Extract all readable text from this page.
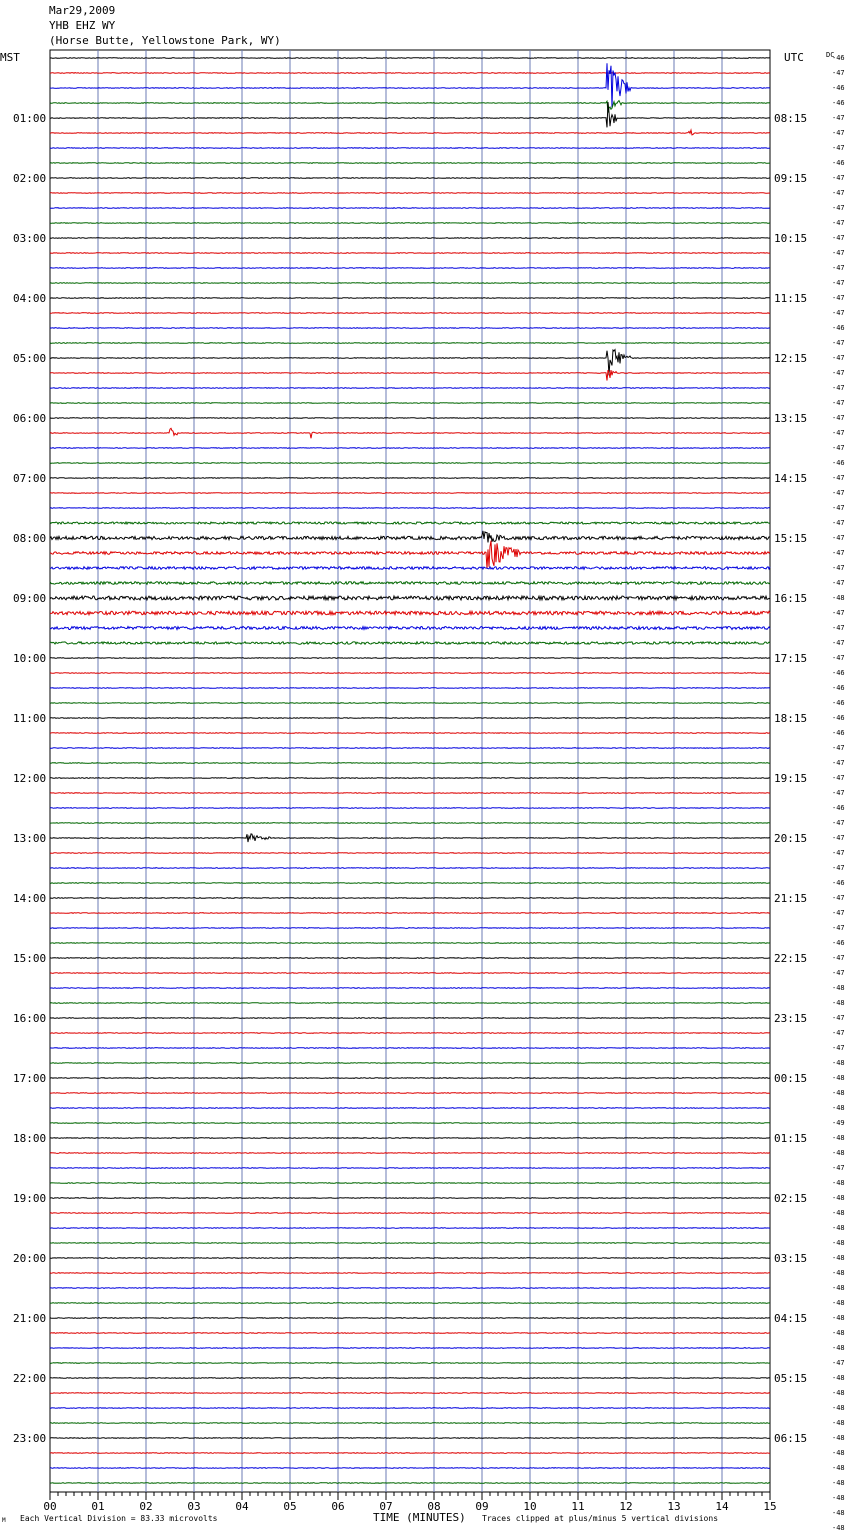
Mar29,2009
YHB EHZ WY
(Horse Butte, Yellowstone Park, WY)
MST	UTC	DC
01:00
02:00
03:00
04:00
05:00
06:00
07:00
08:00
09:00
10:00
11:00
12:00
13:00
14:00
15:00
16:00
17:00
18:00
19:00
20:00
21:00
22:00
23:00
08:15
09:15
10:15
11:15
12:15
13:15
14:15
15:15
16:15
17:15
18:15
19:15
20:15
21:15
22:15
23:15
00:15
01:15
02:15
03:15
04:15
05:15
06:15
-46
-47
-46
-46
-47
-47
-47
-46
-47
-47
-47
-47
-47
-47
-47
-47
-47
-47
-46
-47
-47
-47
-47
-47
-47
-47
-47
-46
-47
-47
-47
-47
-47
-47
-47
-47
-48
-47
-47
-47
-47
-46
-46
-46
-46
-46
-47
-47
-47
-47
-46
-47
-47
-47
-47
-46
-47
-47
-47
-46
-47
-47
-48
-48
-47
-47
-47
-48
-48
-48
-48
-49
-48
-48
-47
-48
-48
-48
-48
-48
-48
-48
-48
-48
-48
-48
-48
-47
-48
-48
-48
-48
-48
-48
-48
-48
-48
-48
-48
00	01	02	03	04	05	06	07	08	09	10	11	12	13	14	15
M Each Vertical Division = 83.33 microvolts	TIME (MINUTES) Traces clipped at plus/minus 5 vertical divisions
